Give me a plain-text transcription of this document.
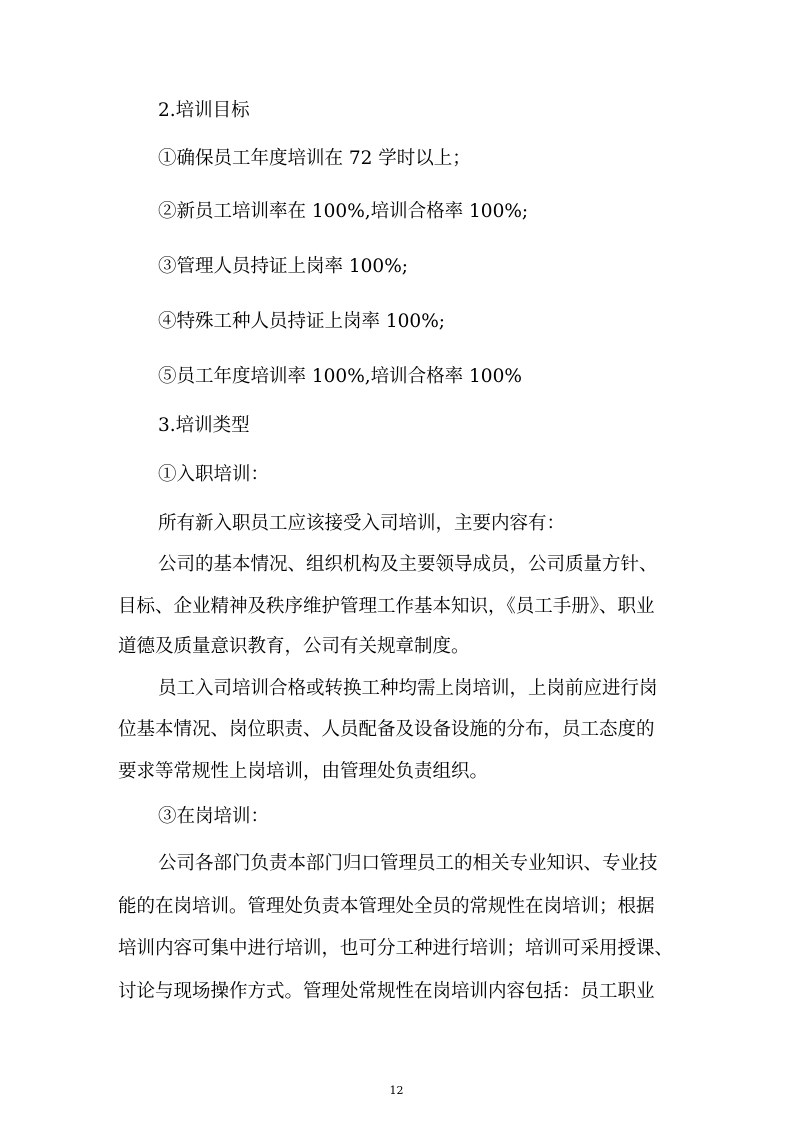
2.培训目标
①确保员工年度培训在 72 学时以上；
②新员工培训率在 100%,培训合格率 100%;
③管理人员持证上岗率 100%;
④特殊工种人员持证上岗率 100%;
⑤员工年度培训率 100%,培训合格率 100%
3.培训类型
①入职培训：
所有新入职员工应该接受入司培训，主要内容有：
公司的基本情况、组织机构及主要领导成员，公司质量方针、
目标、企业精神及秩序维护管理工作基本知识，《员工手册》、职业
道德及质量意识教育，公司有关规章制度。
员工入司培训合格或转换工种均需上岗培训，上岗前应进行岗
位基本情况、岗位职责、人员配备及设备设施的分布，员工态度的
要求等常规性上岗培训，由管理处负责组织。
③在岗培训：
公司各部门负责本部门归口管理员工的相关专业知识、专业技
能的在岗培训。管理处负责本管理处全员的常规性在岗培训；根据
培训内容可集中进行培训，也可分工种进行培训；培训可采用授课、
讨论与现场操作方式。管理处常规性在岗培训内容包括：员工职业
12
